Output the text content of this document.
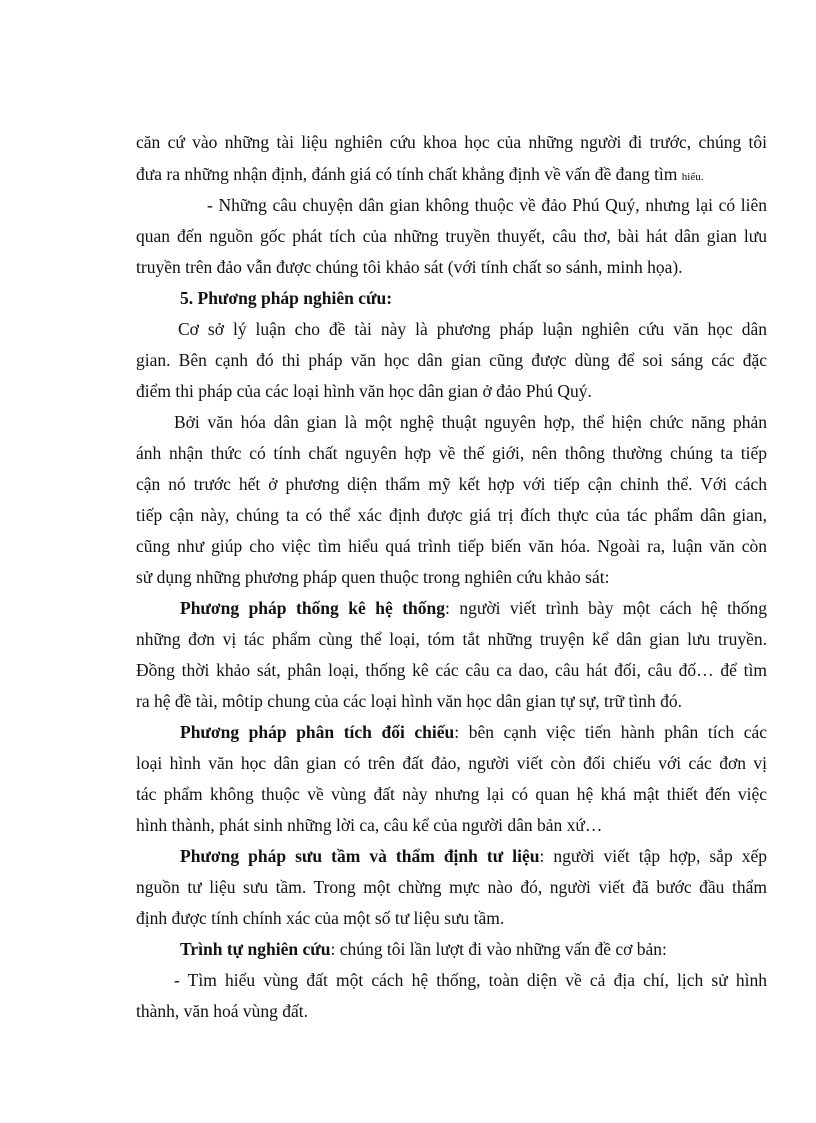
căn cứ vào những tài liệu nghiên cứu khoa học của những người đi trước, chúng tôi
đưa ra những nhận định, đánh giá có tính chất khẳng định về vấn đề đang tìm hiểu.
- Những câu chuyện dân gian không thuộc về đảo Phú Quý, nhưng lại có liên
quan đến nguồn gốc phát tích của những truyền thuyết, câu thơ, bài hát dân gian lưu
truyền trên đảo vẫn được chúng tôi khảo sát (với tính chất so sánh, minh họa).
5. Phương pháp nghiên cứu:
Cơ sở lý luận cho đề tài này là phương pháp luận nghiên cứu văn học dân
gian. Bên cạnh đó thi pháp văn học dân gian cũng được dùng để soi sáng các đặc
điểm thi pháp của các loại hình văn học dân gian ở đảo Phú Quý.
Bởi văn hóa dân gian là một nghệ thuật nguyên hợp, thể hiện chức năng phản
ánh nhận thức có tính chất nguyên hợp về thế giới, nên thông thường chúng ta tiếp
cận nó trước hết ở phương diện thẩm mỹ kết hợp với tiếp cận chỉnh thể. Với cách
tiếp cận này, chúng ta có thể xác định được giá trị đích thực của tác phẩm dân gian,
cũng như giúp cho việc tìm hiểu quá trình tiếp biến văn hóa. Ngoài ra, luận văn còn
sử dụng những phương pháp quen thuộc trong nghiên cứu khảo sát:
Phương pháp thống kê hệ thống: người viết trình bày một cách hệ thống
những đơn vị tác phẩm cùng thể loại, tóm tắt những truyện kể dân gian lưu truyền.
Đồng thời khảo sát, phân loại, thống kê các câu ca dao, câu hát đối, câu đố… để tìm
ra hệ đề tài, môtip chung của các loại hình văn học dân gian tự sự, trữ tình đó.
Phương pháp phân tích đối chiếu: bên cạnh việc tiến hành phân tích các
loại hình văn học dân gian có trên đất đảo, người viết còn đối chiếu với các đơn vị
tác phẩm không thuộc về vùng đất này nhưng lại có quan hệ khá mật thiết đến việc
hình thành, phát sinh những lời ca, câu kể của người dân bản xứ…
Phương pháp sưu tầm và thẩm định tư liệu: người viết tập hợp, sắp xếp
nguồn tư liệu sưu tầm. Trong một chừng mực nào đó, người viết đã bước đầu thẩm
định được tính chính xác của một số tư liệu sưu tầm.
Trình tự nghiên cứu: chúng tôi lần lượt đi vào những vấn đề cơ bản:
- Tìm hiểu vùng đất một cách hệ thống, toàn diện về cả địa chí, lịch sử hình
thành, văn hoá vùng đất.
